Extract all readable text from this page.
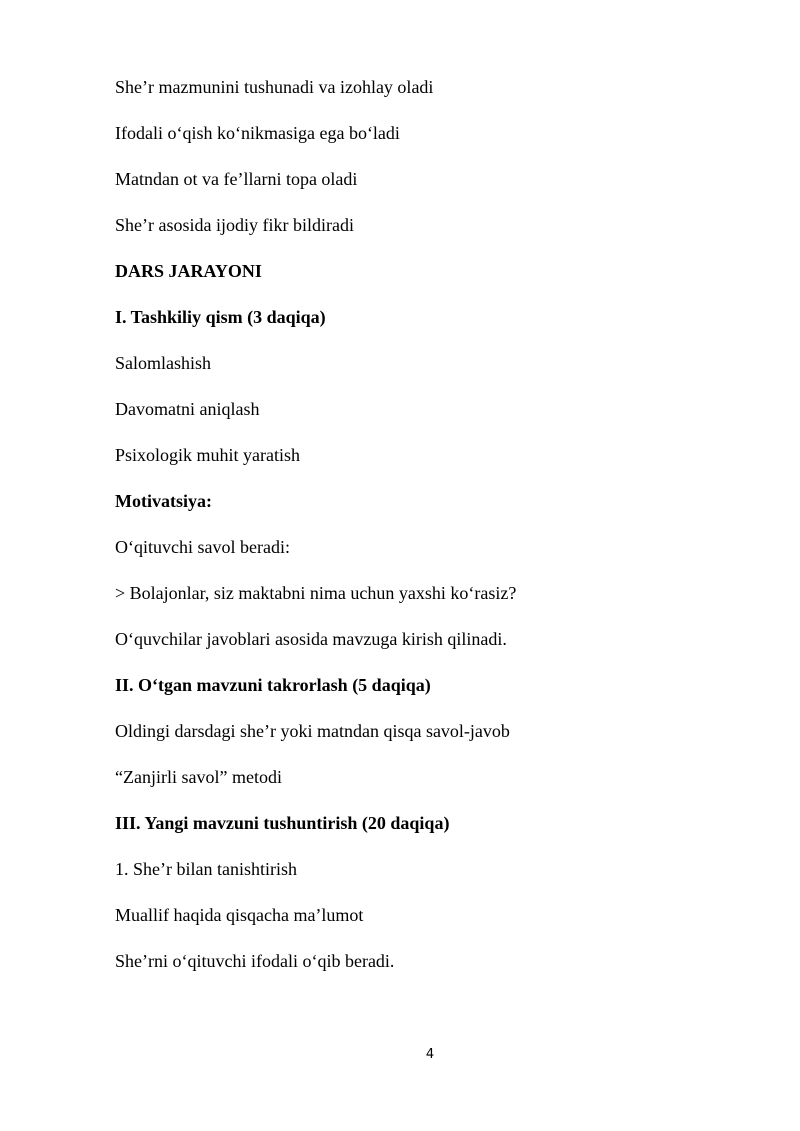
She’r mazmunini tushunadi va izohlay oladi
Ifodali o‘qish ko‘nikmasiga ega bo‘ladi
Matndan ot va fe’llarni topa oladi
She’r asosida ijodiy fikr bildiradi
DARS JARAYONI
I. Tashkiliy qism (3 daqiqa)
Salomlashish
Davomatni aniqlash
Psixologik muhit yaratish
Motivatsiya:
O‘qituvchi savol beradi:
> Bolajonlar, siz maktabni nima uchun yaxshi ko‘rasiz?
O‘quvchilar javoblari asosida mavzuga kirish qilinadi.
II. O‘tgan mavzuni takrorlash (5 daqiqa)
Oldingi darsdagi she’r yoki matndan qisqa savol-javob
“Zanjirli savol” metodi
III. Yangi mavzuni tushuntirish (20 daqiqa)
1. She’r bilan tanishtirish
Muallif haqida qisqacha ma’lumot
She’rni o‘qituvchi ifodali o‘qib beradi.
4
